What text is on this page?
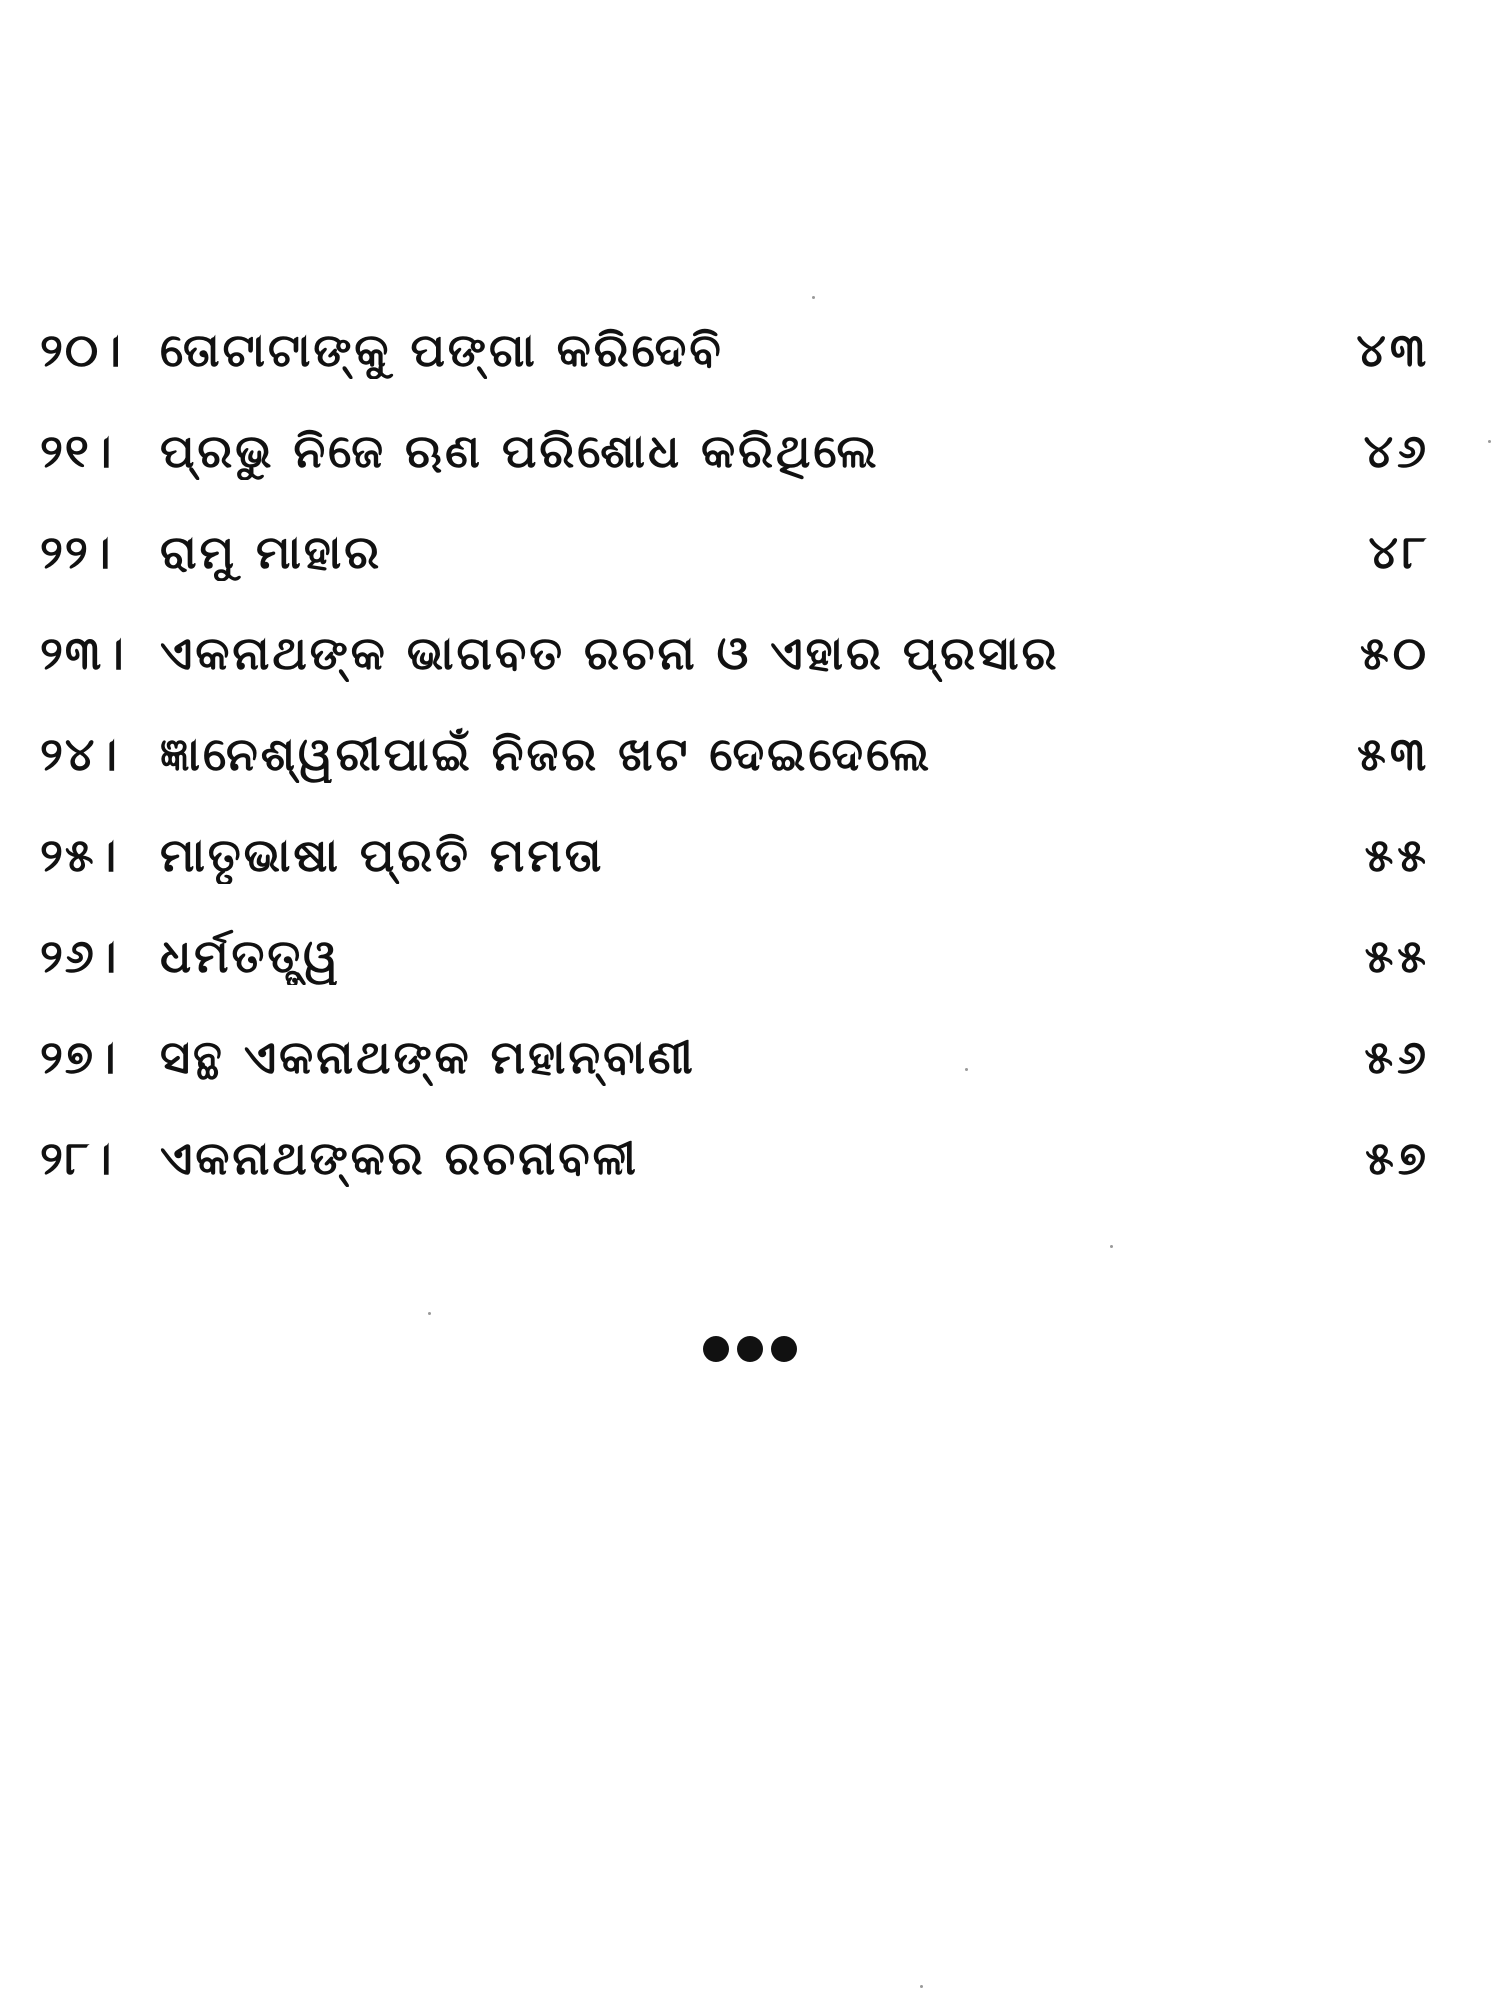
୨୦। ତୋଟାଟାଙ୍କୁ ପଙ୍ଗା କରିଦେବି	୪୩
୨୧।	ପ୍ରଭୁ ନିଜେ ଋଣ ପରିଶୋଧ କରିଥିଲେ	୪୬
୨୨।	ରାମୁ ମାହାର	୪୮
୨୩। ଏକନାଥଙ୍କ ଭାଗବତ ରଚନା ଓ ଏହାର ପ୍ରସାର	୫୦
୨୪। ଜ୍ଞାନେଶ୍ୱରୀପାଇଁ ନିଜର ଖଟ ଦେଇଦେଲେ	୫୩
୨୫। ମାତୃଭାଷା ପ୍ରତି ମମତା	୫୫
୨୬। ଧର୍ମତତ୍ତ୍ୱ	୫୫
୨୭। ସନ୍ଥ ଏକନାଥଙ୍କ ମହାନ୍‌ବାଣୀ	୫୬
୨୮।	ଏକନାଥଙ୍କର ରଚନାବଳୀ	୫୭
